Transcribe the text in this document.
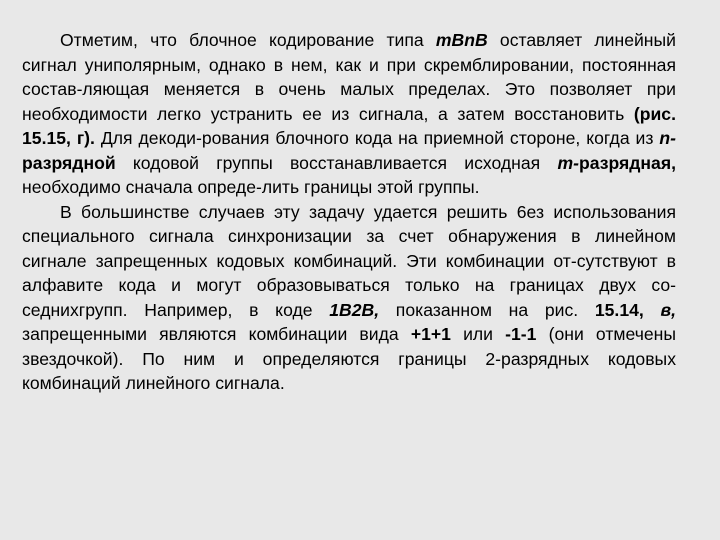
Отметим, что блочное кодирование типа mBnB оставляет линейный сигнал униполярным, однако в нем, как и при скремблировании, постоянная состав-ляющая меняется в очень малых пределах. Это позволяет при необходимости легко устранить ее из сигнала, а затем восстановить (рис. 15.15, г). Для декоди-рования блочного кода на приемной стороне, когда из n-разрядной кодовой группы восстанавливается исходная m-разрядная, необходимо сначала опреде-лить границы этой группы.

В большинстве случаев эту задачу удается решить 6ез использования специального сигнала синхронизации за счет обнаружения в линейном сигнале запрещенных кодовых комбинаций. Эти комбинации от-сутствуют в алфавите кода и могут образовываться только на границах двух со-седнихгрупп. Например, в коде 1B2B, показанном на рис. 15.14, в, запрещенными являются комбинации вида +1+1 или -1-1 (они отмечены звездочкой). По ним и определяются границы 2-разрядных кодовых комбинаций линейного сигнала.
